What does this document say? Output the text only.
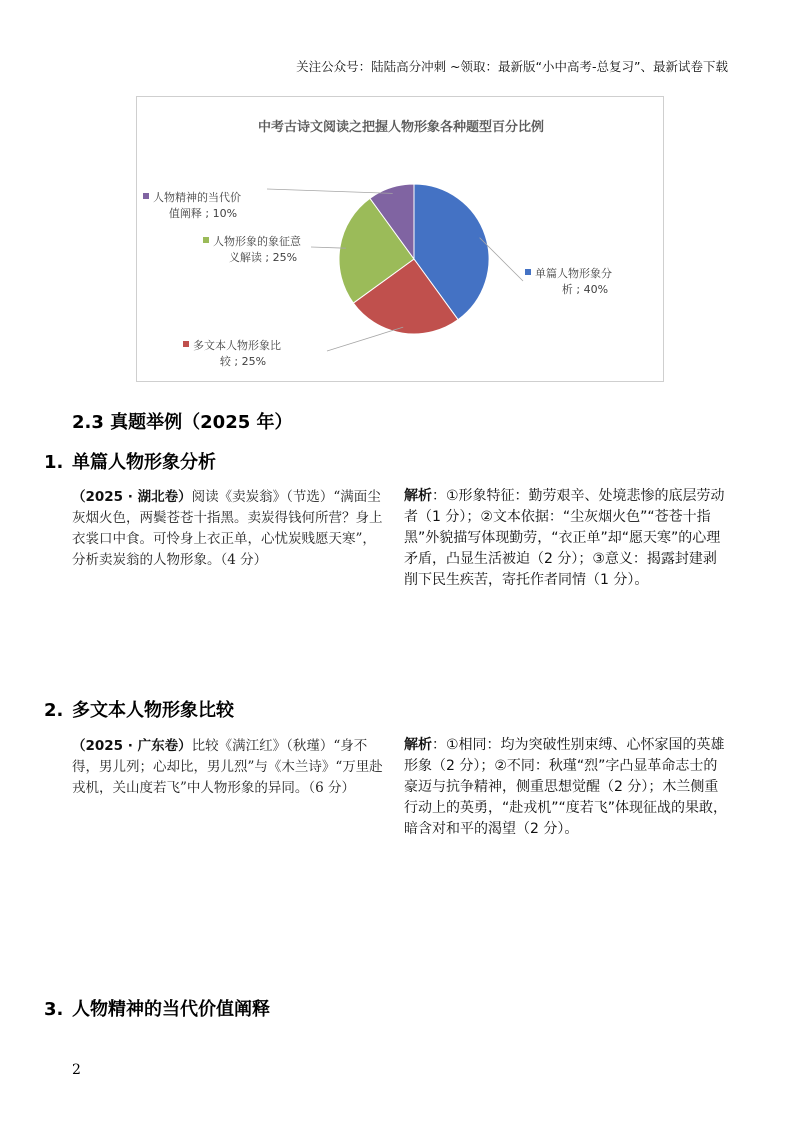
关注公众号：陆陆高分冲刺 ~领取：最新版“小中高考-总复习”、最新试卷下载
中考古诗文阅读之把握人物形象各种题型百分比例
单篇人物形象分
析 ; 40%
多文本人物形象比
较 ; 25%
人物形象的象征意
义解读 ; 25%
人物精神的当代价
值阐释 ; 10%
2.3 真题举例（2025 年）
1. 单篇人物形象分析
（2025 · 湖北卷）阅读《卖炭翁》（节选）“满面尘灰烟火色，两鬓苍苍十指黑。卖炭得钱何所营？身上衣裳口中食。可怜身上衣正单，心忧炭贱愿天寒”，分析卖炭翁的人物形象。（4 分）
解析：①形象特征：勤劳艰辛、处境悲惨的底层劳动者（1 分）；②文本依据：“尘灰烟火色”“苍苍十指黑”外貌描写体现勤劳，“衣正单”却“愿天寒”的心理矛盾，凸显生活被迫（2 分）；③意义：揭露封建剥削下民生疾苦，寄托作者同情（1 分）。
2. 多文本人物形象比较
（2025 · 广东卷）比较《满江红》（秋瑾）“身不得，男儿列；心却比，男儿烈”与《木兰诗》“万里赴戎机，关山度若飞”中人物形象的异同。（6 分）
解析：①相同：均为突破性别束缚、心怀家国的英雄形象（2 分）；②不同：秋瑾“烈”字凸显革命志士的豪迈与抗争精神，侧重思想觉醒（2 分）；木兰侧重行动上的英勇，“赴戎机”“度若飞”体现征战的果敢，暗含对和平的渴望（2 分）。
3. 人物精神的当代价值阐释
2
